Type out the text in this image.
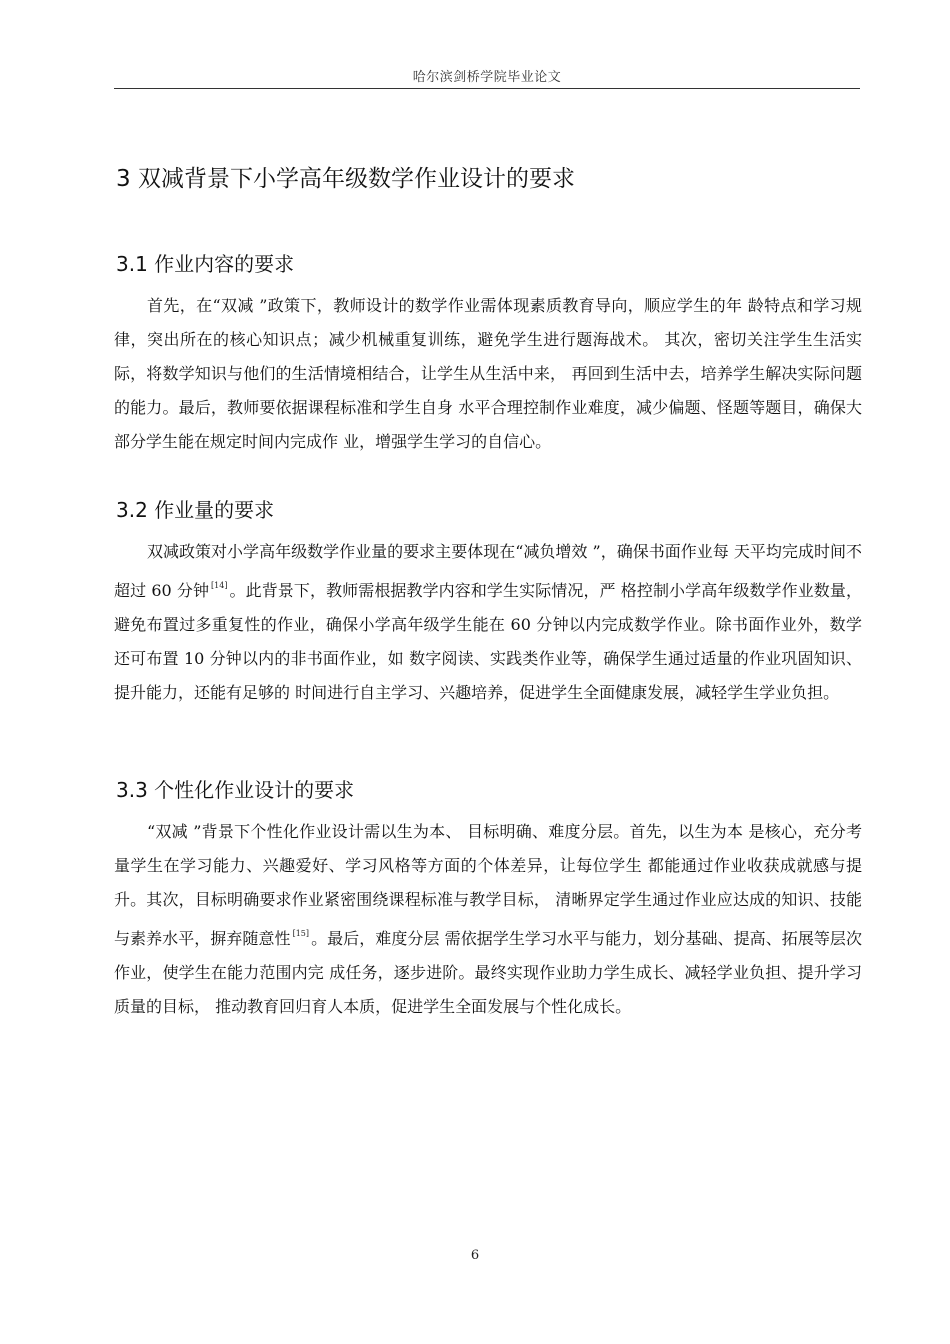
哈尔滨剑桥学院毕业论文
3 双减背景下小学高年级数学作业设计的要求
3.1 作业内容的要求

首先，在“双减 ”政策下，教师设计的数学作业需体现素质教育导向，顺应学生的年 龄特点和学习规律，突出所在的核心知识点；减少机械重复训练，避免学生进行题海战术。 其次，密切关注学生生活实际，将数学知识与他们的生活情境相结合，让学生从生活中来， 再回到生活中去，培养学生解决实际问题的能力。最后，教师要依据课程标准和学生自身 水平合理控制作业难度，减少偏题、怪题等题目，确保大部分学生能在规定时间内完成作 业，增强学生学习的自信心。

3.2 作业量的要求

双减政策对小学高年级数学作业量的要求主要体现在“减负增效 ”，确保书面作业每 天平均完成时间不超过 60 分钟 [14] 。此背景下，教师需根据教学内容和学生实际情况，严 格控制小学高年级数学作业数量，避免布置过多重复性的作业，确保小学高年级学生能在 60 分钟以内完成数学作业。除书面作业外，数学还可布置 10 分钟以内的非书面作业，如 数字阅读、实践类作业等，确保学生通过适量的作业巩固知识、提升能力，还能有足够的 时间进行自主学习、兴趣培养，促进学生全面健康发展，减轻学生学业负担。

3.3 个性化作业设计的要求

“双减 ”背景下个性化作业设计需以生为本、 目标明确、难度分层。首先，以生为本 是核心，充分考量学生在学习能力、兴趣爱好、学习风格等方面的个体差异，让每位学生 都能通过作业收获成就感与提升。其次，目标明确要求作业紧密围绕课程标准与教学目标， 清晰界定学生通过作业应达成的知识、技能与素养水平，摒弃随意性 [15] 。最后，难度分层 需依据学生学习水平与能力，划分基础、提高、拓展等层次作业，使学生在能力范围内完 成任务，逐步进阶。最终实现作业助力学生成长、减轻学业负担、提升学习质量的目标， 推动教育回归育人本质，促进学生全面发展与个性化成长。

6
